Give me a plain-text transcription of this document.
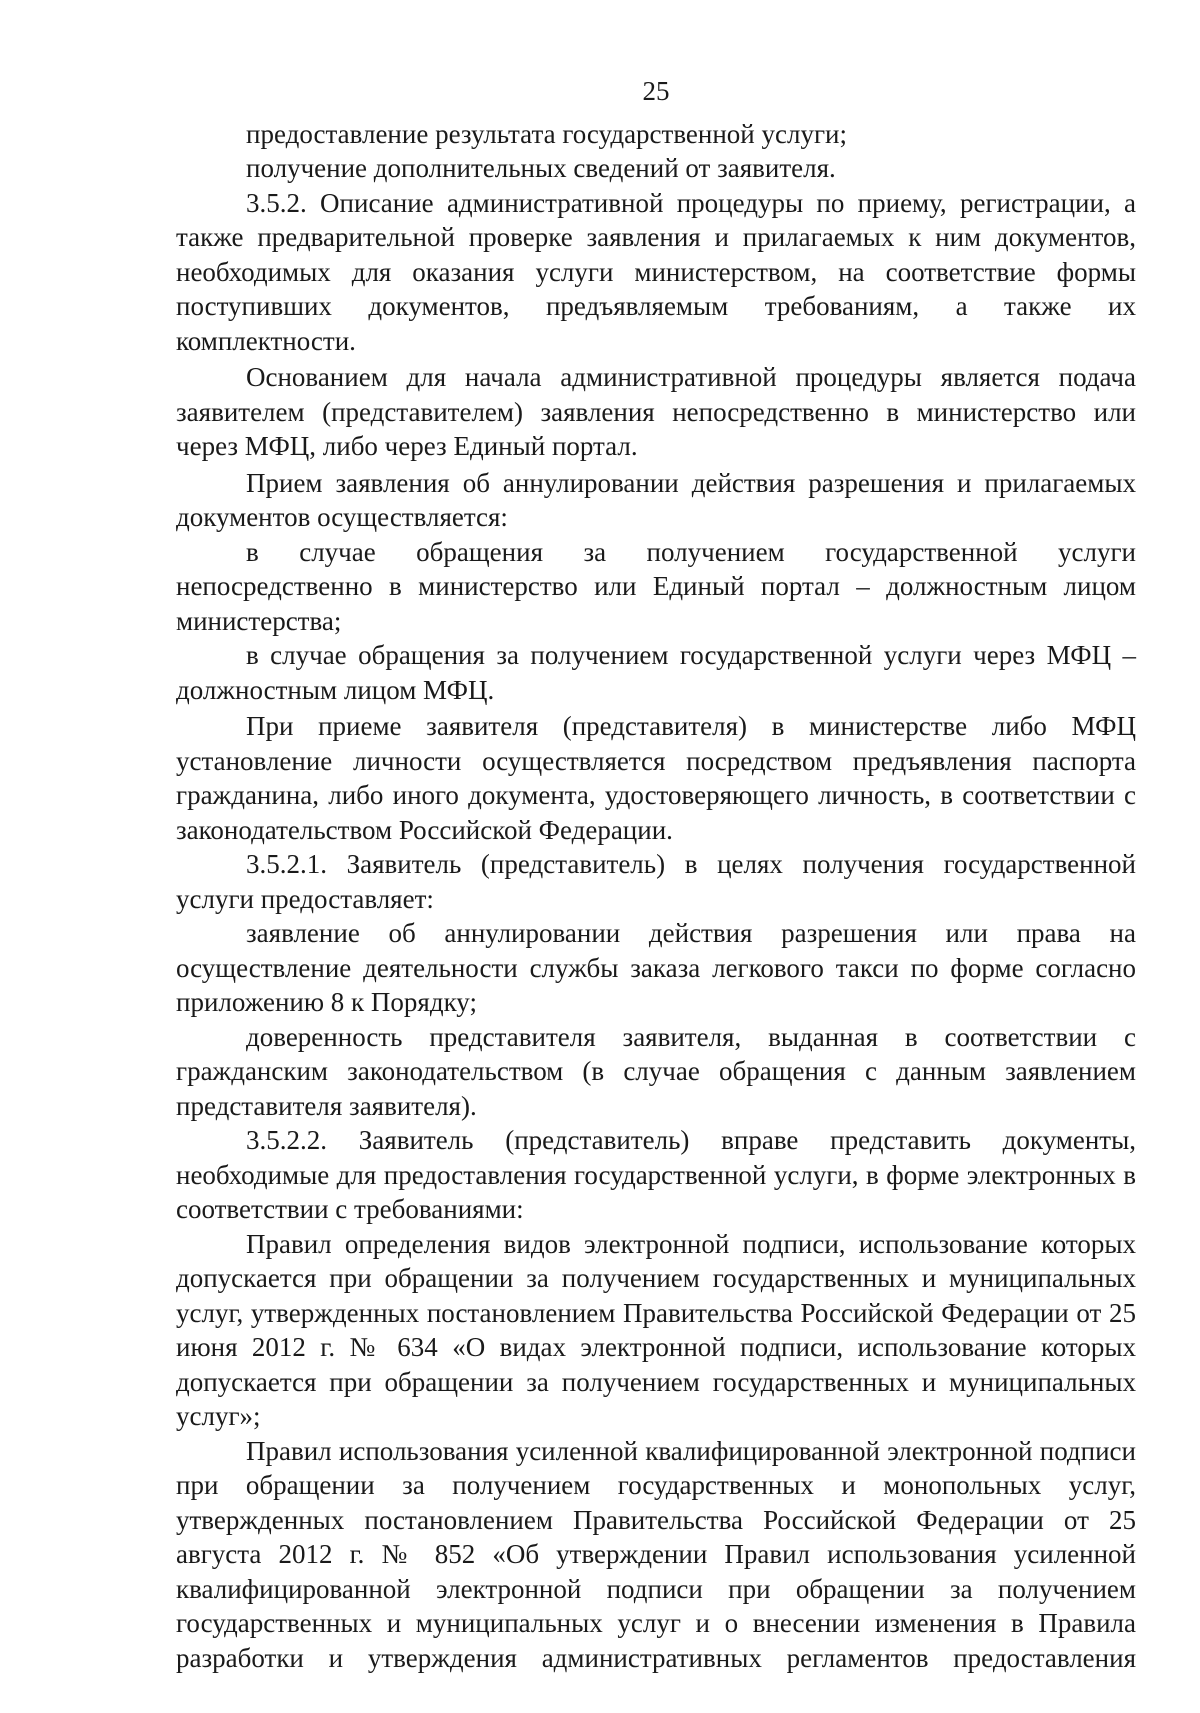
25

предоставление результата государственной услуги;

получение дополнительных сведений от заявителя.

3.5.2. Описание административной процедуры по приему, регистрации, а также предварительной проверке заявления и прилагаемых к ним документов, необходимых для оказания услуги министерством, на соответствие формы поступивших документов, предъявляемым требованиям, а также их комплектности.

Основанием для начала административной процедуры является подача заявителем (представителем) заявления непосредственно в министерство или через МФЦ, либо через Единый портал.

Прием заявления об аннулировании действия разрешения и прилагаемых документов осуществляется:

в случае обращения за получением государственной услуги непосредственно в министерство или Единый портал – должностным лицом министерства;

в случае обращения за получением государственной услуги через МФЦ – должностным лицом МФЦ.

При приеме заявителя (представителя) в министерстве либо МФЦ установление личности осуществляется посредством предъявления паспорта гражданина, либо иного документа, удостоверяющего личность, в соответствии с законодательством Российской Федерации.

3.5.2.1. Заявитель (представитель) в целях получения государственной услуги предоставляет:

заявление об аннулировании действия разрешения или права на осуществление деятельности службы заказа легкового такси по форме согласно приложению 8 к Порядку;

доверенность представителя заявителя, выданная в соответствии с гражданским законодательством (в случае обращения с данным заявлением представителя заявителя).

3.5.2.2. Заявитель (представитель) вправе представить документы, необходимые для предоставления государственной услуги, в форме электронных в соответствии с требованиями:

Правил определения видов электронной подписи, использование которых допускается при обращении за получением государственных и муниципальных услуг, утвержденных постановлением Правительства Российской Федерации от 25 июня 2012 г. № 634 «О видах электронной подписи, использование которых допускается при обращении за получением государственных и муниципальных услуг»;

Правил использования усиленной квалифицированной электронной подписи при обращении за получением государственных и монопольных услуг, утвержденных постановлением Правительства Российской Федерации от 25 августа 2012 г. № 852 «Об утверждении Правил использования усиленной квалифицированной электронной подписи при обращении за получением государственных и муниципальных услуг и о внесении изменения в Правила разработки и утверждения административных регламентов предоставления
